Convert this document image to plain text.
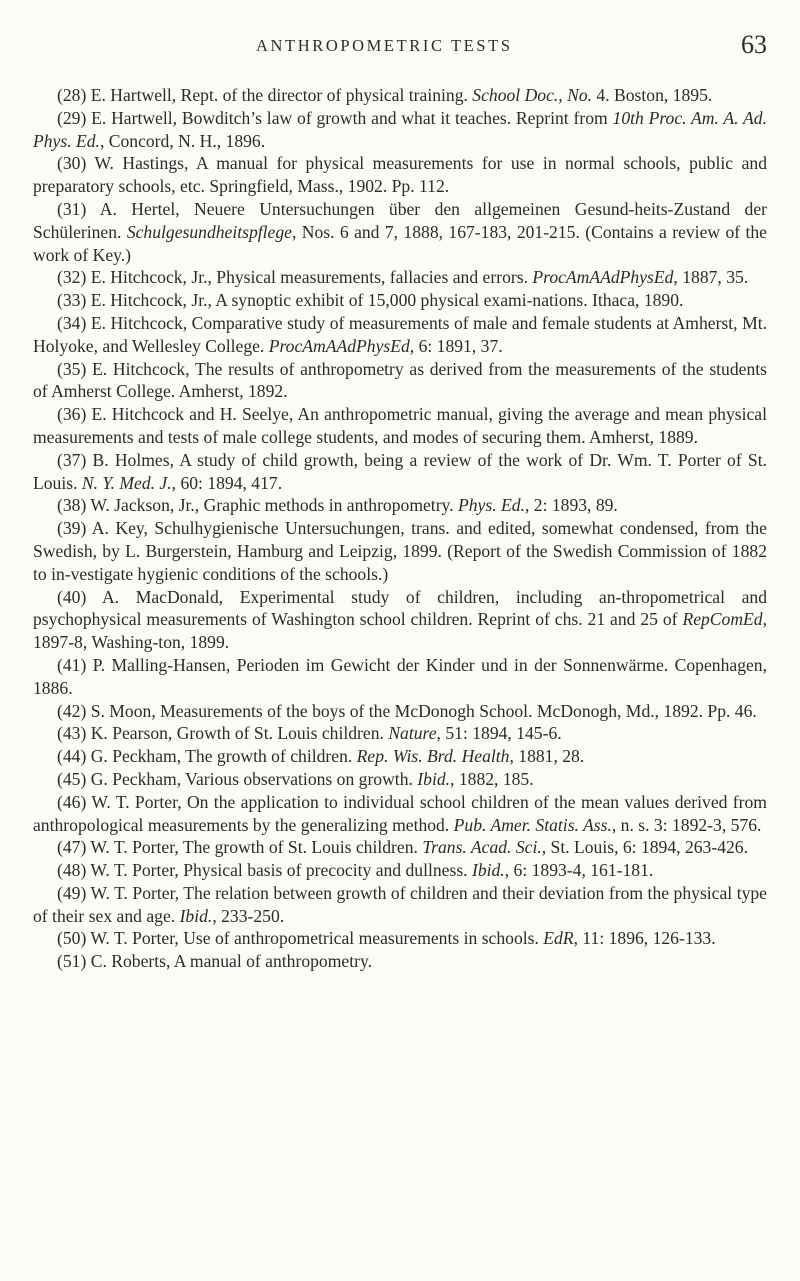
ANTHROPOMETRIC TESTS	63

(28) E. Hartwell, Rept. of the director of physical training. School Doc., No. 4. Boston, 1895.

(29) E. Hartwell, Bowditch’s law of growth and what it teaches. Reprint from 10th Proc. Am. A. Ad. Phys. Ed., Concord, N. H., 1896.

(30) W. Hastings, A manual for physical measurements for use in normal schools, public and preparatory schools, etc. Springfield, Mass., 1902. Pp. 112.

(31) A. Hertel, Neuere Untersuchungen über den allgemeinen Gesund-heits-Zustand der Schülerinen. Schulgesundheitspflege, Nos. 6 and 7, 1888, 167-183, 201-215. (Contains a review of the work of Key.)

(32) E. Hitchcock, Jr., Physical measurements, fallacies and errors. ProcAmAAdPhysEd, 1887, 35.

(33) E. Hitchcock, Jr., A synoptic exhibit of 15,000 physical exami-nations. Ithaca, 1890.

(34) E. Hitchcock, Comparative study of measurements of male and female students at Amherst, Mt. Holyoke, and Wellesley College. ProcAmAAdPhysEd, 6: 1891, 37.

(35) E. Hitchcock, The results of anthropometry as derived from the measurements of the students of Amherst College. Amherst, 1892.

(36) E. Hitchcock and H. Seelye, An anthropometric manual, giving the average and mean physical measurements and tests of male college students, and modes of securing them. Amherst, 1889.

(37) B. Holmes, A study of child growth, being a review of the work of Dr. Wm. T. Porter of St. Louis. N. Y. Med. J., 60: 1894, 417.

(38) W. Jackson, Jr., Graphic methods in anthropometry. Phys. Ed., 2: 1893, 89.

(39) A. Key, Schulhygienische Untersuchungen, trans. and edited, somewhat condensed, from the Swedish, by L. Burgerstein, Hamburg and Leipzig, 1899. (Report of the Swedish Commission of 1882 to in-vestigate hygienic conditions of the schools.)

(40) A. MacDonald, Experimental study of children, including an-thropometrical and psychophysical measurements of Washington school children. Reprint of chs. 21 and 25 of RepComEd, 1897-8, Washing-ton, 1899.

(41) P. Malling-Hansen, Perioden im Gewicht der Kinder und in der Sonnenwärme. Copenhagen, 1886.

(42) S. Moon, Measurements of the boys of the McDonogh School. McDonogh, Md., 1892. Pp. 46.

(43) K. Pearson, Growth of St. Louis children. Nature, 51: 1894, 145-6.

(44) G. Peckham, The growth of children. Rep. Wis. Brd. Health, 1881, 28.

(45) G. Peckham, Various observations on growth. Ibid., 1882, 185.

(46) W. T. Porter, On the application to individual school children of the mean values derived from anthropological measurements by the generalizing method. Pub. Amer. Statis. Ass., n. s. 3: 1892-3, 576.

(47) W. T. Porter, The growth of St. Louis children. Trans. Acad. Sci., St. Louis, 6: 1894, 263-426.

(48) W. T. Porter, Physical basis of precocity and dullness. Ibid., 6: 1893-4, 161-181.

(49) W. T. Porter, The relation between growth of children and their deviation from the physical type of their sex and age. Ibid., 233-250.

(50) W. T. Porter, Use of anthropometrical measurements in schools. EdR, 11: 1896, 126-133.

(51) C. Roberts, A manual of anthropometry.
